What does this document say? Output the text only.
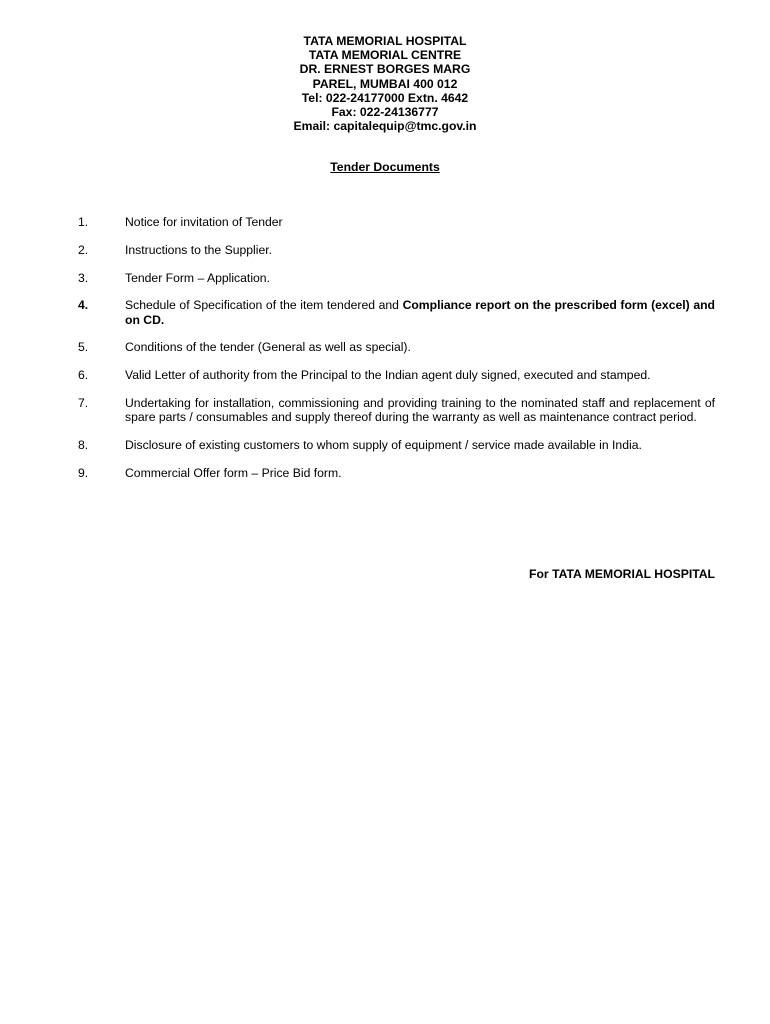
TATA MEMORIAL HOSPITAL
TATA MEMORIAL CENTRE
DR. ERNEST BORGES MARG
PAREL, MUMBAI 400 012
Tel: 022-24177000 Extn. 4642
Fax: 022-24136777
Email: capitalequip@tmc.gov.in
Tender Documents
1.	Notice for invitation of Tender
2.	Instructions to the Supplier.
3.	Tender Form – Application.
4.	Schedule of Specification of the item tendered and Compliance report on the prescribed form (excel) and on CD.
5.	Conditions of the tender (General as well as special).
6.	Valid Letter of authority from the Principal to the Indian agent duly signed, executed and stamped.
7.	Undertaking for installation, commissioning and providing training to the nominated staff and replacement of spare parts / consumables and supply thereof during the warranty as well as maintenance contract period.
8.	Disclosure of existing customers to whom supply of equipment / service made available in India.
9.	Commercial Offer form – Price Bid form.
For TATA MEMORIAL HOSPITAL
